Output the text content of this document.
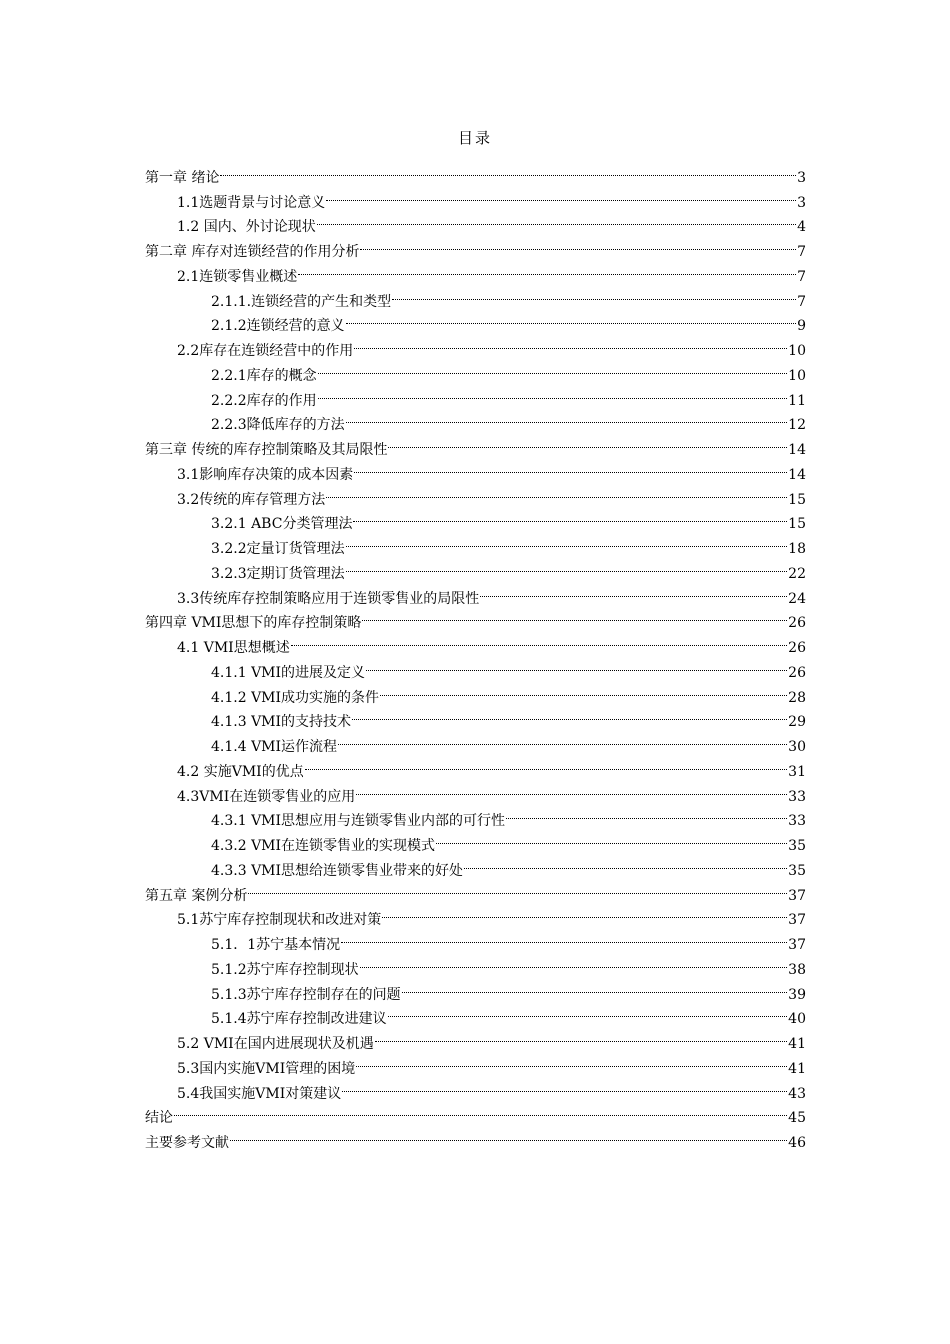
目录
第一章 绪论	3
1.1选题背景与讨论意义	3
1.2 国内、外讨论现状	4
第二章 库存对连锁经营的作用分析	7
2.1连锁零售业概述	7
2.1.1.连锁经营的产生和类型	7
2.1.2连锁经营的意义	9
2.2库存在连锁经营中的作用	10
2.2.1库存的概念	10
2.2.2库存的作用	11
2.2.3降低库存的方法	12
第三章 传统的库存控制策略及其局限性	14
3.1影响库存决策的成本因素	14
3.2传统的库存管理方法	15
3.2.1 ABC分类管理法	15
3.2.2定量订货管理法	18
3.2.3定期订货管理法	22
3.3传统库存控制策略应用于连锁零售业的局限性	24
第四章 VMI思想下的库存控制策略	26
4.1 VMI思想概述	26
4.1.1 VMI的进展及定义	26
4.1.2 VMI成功实施的条件	28
4.1.3 VMI的支持技术	29
4.1.4 VMI运作流程	30
4.2 实施VMI的优点	31
4.3VMI在连锁零售业的应用	33
4.3.1 VMI思想应用与连锁零售业内部的可行性	33
4.3.2 VMI在连锁零售业的实现模式	35
4.3.3 VMI思想给连锁零售业带来的好处	35
第五章 案例分析	37
5.1苏宁库存控制现状和改进对策	37
5.1．1苏宁基本情况	37
5.1.2苏宁库存控制现状	38
5.1.3苏宁库存控制存在的问题	39
5.1.4苏宁库存控制改进建议	40
5.2 VMI在国内进展现状及机遇	41
5.3国内实施VMI管理的困境	41
5.4我国实施VMI对策建议	43
结论	45
主要参考文献	46
